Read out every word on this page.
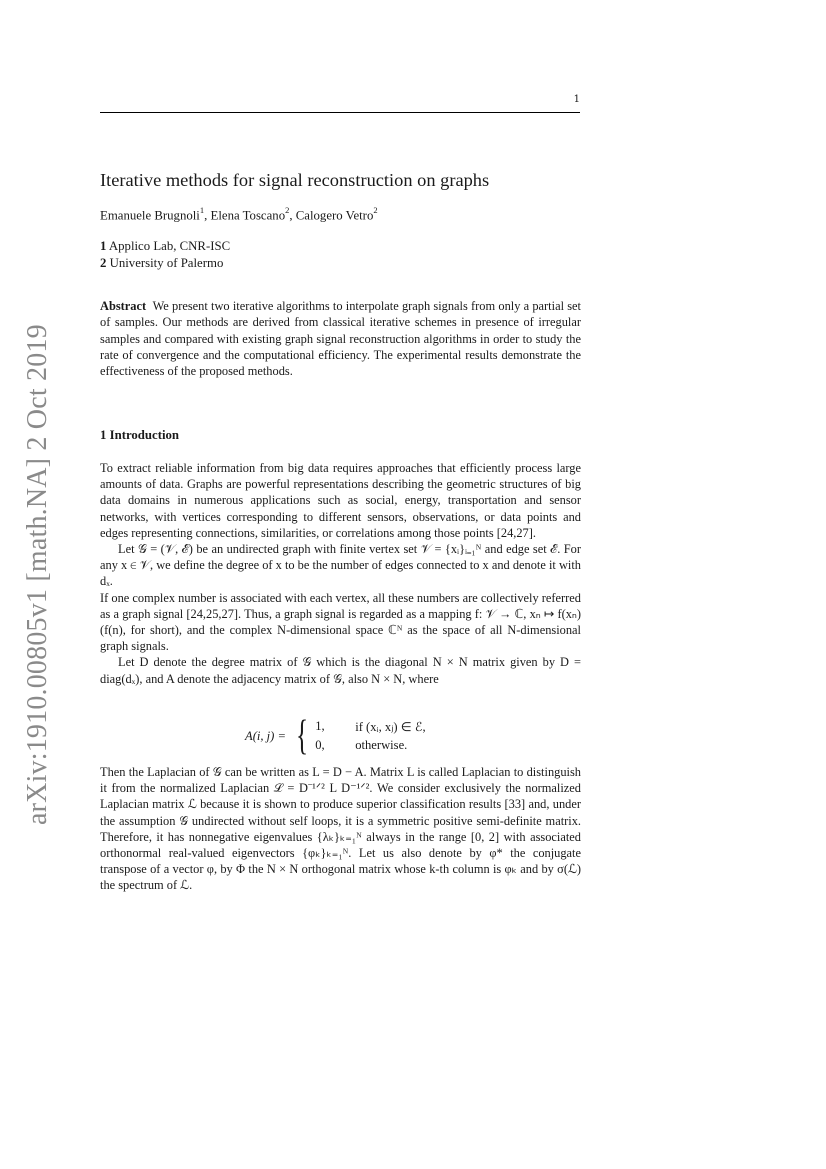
1
arXiv:1910.00805v1 [math.NA] 2 Oct 2019
Iterative methods for signal reconstruction on graphs
Emanuele Brugnoli$^1$, Elena Toscano$^2$, Calogero Vetro$^2$
1 Applico Lab, CNR-ISC
2 University of Palermo
Abstract We present two iterative algorithms to interpolate graph signals from only a partial set of samples. Our methods are derived from classical iterative schemes in presence of irregular samples and compared with existing graph signal reconstruction algorithms in order to study the rate of convergence and the computational efficiency. The experimental results demonstrate the effectiveness of the proposed methods.
1 Introduction

To extract reliable information from big data requires approaches that efficiently process large amounts of data. Graphs are powerful representations describing the geometric structures of big data domains in numerous applications such as social, energy, transportation and sensor networks, with vertices corresponding to different sensors, observations, or data points and edges representing connections, similarities, or correlations among those points [24,27].

Let 𝒢 = (𝒱, ℰ) be an undirected graph with finite vertex set 𝒱 = {xᵢ}ᵢ₌₁ᴺ and edge set ℰ. For any x ∈ 𝒱, we define the degree of x to be the number of edges connected to x and denote it with dₓ.

If one complex number is associated with each vertex, all these numbers are collectively referred as a graph signal [24,25,27]. Thus, a graph signal is regarded as a mapping f: 𝒱 → ℂ, xₙ ↦ f(xₙ) (f(n), for short), and the complex N-dimensional space ℂᴺ as the space of all N-dimensional graph signals.

Let D denote the degree matrix of 𝒢 which is the diagonal N × N matrix given by D = diag(dₓ), and A denote the adjacency matrix of 𝒢, also N × N, where

A(i, j) = { 1,	if (xᵢ, xⱼ) ∈ ℰ,
0,	otherwise.

Then the Laplacian of 𝒢 can be written as L = D − A. Matrix L is called Laplacian to distinguish it from the normalized Laplacian ℒ = D⁻¹ᐟ² L D⁻¹ᐟ². We consider exclusively the normalized Laplacian matrix ℒ because it is shown to produce superior classification results [33] and, under the assumption 𝒢 undirected without self loops, it is a symmetric positive semi-definite matrix. Therefore, it has nonnegative eigenvalues {λₖ}ₖ₌₁ᴺ always in the range [0, 2] with associated orthonormal real-valued eigenvectors {φₖ}ₖ₌₁ᴺ. Let us also denote by φ* the conjugate transpose of a vector φ, by Φ the N × N orthogonal matrix whose k-th column is φₖ and by σ(ℒ) the spectrum of ℒ.
